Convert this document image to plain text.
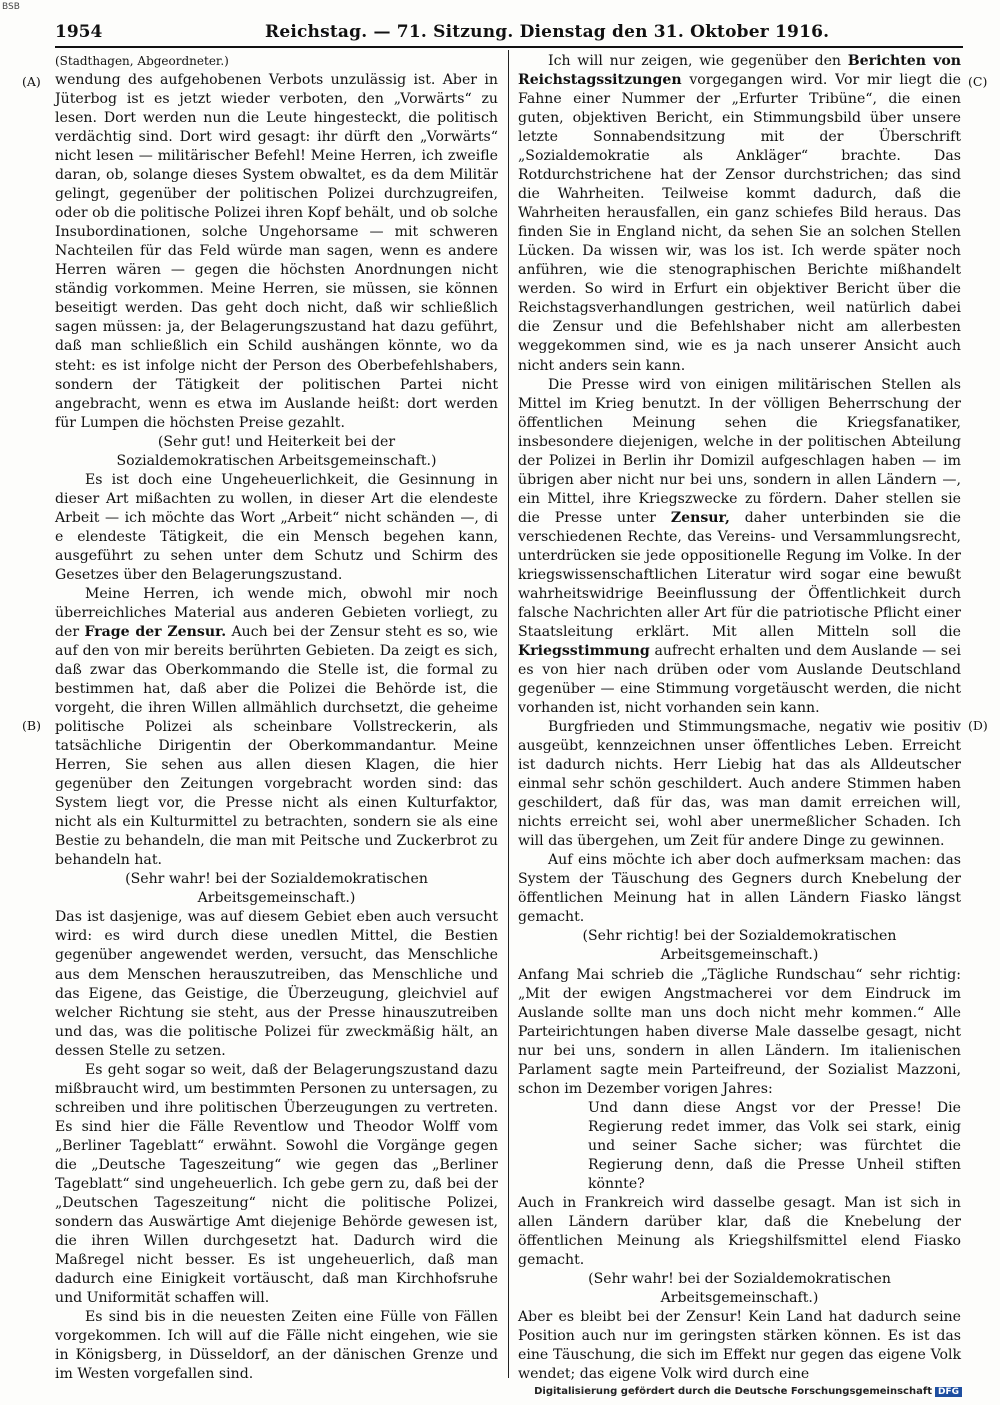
BSB
1954	Reichstag. — 71. Sitzung. Dienstag den 31. Oktober 1916.
(A)
(B)
(C)
(D)

(Stadthagen, Abgeordneter.)

wendung des aufgehobenen Verbots unzulässig ist. Aber in Jüterbog ist es jetzt wieder verboten, den „Vorwärts“ zu lesen. Dort werden nun die Leute hingesteckt, die politisch verdächtig sind. Dort wird gesagt: ihr dürft den „Vorwärts“ nicht lesen — militärischer Befehl! Meine Herren, ich zweifle daran, ob, solange dieses System obwaltet, es da dem Militär gelingt, gegenüber der politischen Polizei durchzugreifen, oder ob die politische Polizei ihren Kopf behält, und ob solche Insubordinationen, solche Ungehorsame — mit schweren Nachteilen für das Feld würde man sagen, wenn es andere Herren wären — gegen die höchsten Anordnungen nicht ständig vorkommen. Meine Herren, sie müssen, sie können beseitigt werden. Das geht doch nicht, daß wir schließlich sagen müssen: ja, der Belagerungszustand hat dazu geführt, daß man schließlich ein Schild aushängen könnte, wo da steht: es ist infolge nicht der Person des Oberbefehlshabers, sondern der Tätigkeit der politischen Partei nicht angebracht, wenn es etwa im Auslande heißt: dort werden für Lumpen die höchsten Preise gezahlt.

(Sehr gut! und Heiterkeit bei der Sozialdemokratischen Arbeitsgemeinschaft.)

Es ist doch eine Ungeheuerlichkeit, die Gesinnung in dieser Art mißachten zu wollen, in dieser Art die elendeste Arbeit — ich möchte das Wort „Arbeit“ nicht schänden —, di e elendeste Tätigkeit, die ein Mensch begehen kann, ausgeführt zu sehen unter dem Schutz und Schirm des Gesetzes über den Belagerungszustand.

Meine Herren, ich wende mich, obwohl mir noch überreichliches Material aus anderen Gebieten vorliegt, zu der Frage der Zensur. Auch bei der Zensur steht es so, wie auf den von mir bereits berührten Gebieten. Da zeigt es sich, daß zwar das Oberkommando die Stelle ist, die formal zu bestimmen hat, daß aber die Polizei die Behörde ist, die vorgeht, die ihren Willen allmählich durchsetzt, die geheime politische Polizei als scheinbare Vollstreckerin, als tatsächliche Dirigentin der Oberkommandantur. Meine Herren, Sie sehen aus allen diesen Klagen, die hier gegenüber den Zeitungen vorgebracht worden sind: das System liegt vor, die Presse nicht als einen Kulturfaktor, nicht als ein Kulturmittel zu betrachten, sondern sie als eine Bestie zu behandeln, die man mit Peitsche und Zuckerbrot zu behandeln hat.

(Sehr wahr! bei der Sozialdemokratischen Arbeitsgemeinschaft.)

Das ist dasjenige, was auf diesem Gebiet eben auch versucht wird: es wird durch diese unedlen Mittel, die Bestien gegenüber angewendet werden, versucht, das Menschliche aus dem Menschen herauszutreiben, das Menschliche und das Eigene, das Geistige, die Überzeugung, gleichviel auf welcher Richtung sie steht, aus der Presse hinauszutreiben und das, was die politische Polizei für zweckmäßig hält, an dessen Stelle zu setzen.

Es geht sogar so weit, daß der Belagerungszustand dazu mißbraucht wird, um bestimmten Personen zu untersagen, zu schreiben und ihre politischen Überzeugungen zu vertreten. Es sind hier die Fälle Reventlow und Theodor Wolff vom „Berliner Tageblatt“ erwähnt. Sowohl die Vorgänge gegen die „Deutsche Tageszeitung“ wie gegen das „Berliner Tageblatt“ sind ungeheuerlich. Ich gebe gern zu, daß bei der „Deutschen Tageszeitung“ nicht die politische Polizei, sondern das Auswärtige Amt diejenige Behörde gewesen ist, die ihren Willen durchgesetzt hat. Dadurch wird die Maßregel nicht besser. Es ist ungeheuerlich, daß man dadurch eine Einigkeit vortäuscht, daß man Kirchhofsruhe und Uniformität schaffen will.

Es sind bis in die neuesten Zeiten eine Fülle von Fällen vorgekommen. Ich will auf die Fälle nicht eingehen, wie sie in Königsberg, in Düsseldorf, an der dänischen Grenze und im Westen vorgefallen sind.

Ich will nur zeigen, wie gegenüber den Berichten von Reichstagssitzungen vorgegangen wird. Vor mir liegt die Fahne einer Nummer der „Erfurter Tribüne“, die einen guten, objektiven Bericht, ein Stimmungsbild über unsere letzte Sonnabendsitzung mit der Überschrift „Sozialdemokratie als Ankläger“ brachte. Das Rotdurchstrichene hat der Zensor durchstrichen; das sind die Wahrheiten. Teilweise kommt dadurch, daß die Wahrheiten herausfallen, ein ganz schiefes Bild heraus. Das finden Sie in England nicht, da sehen Sie an solchen Stellen Lücken. Da wissen wir, was los ist. Ich werde später noch anführen, wie die stenographischen Berichte mißhandelt werden. So wird in Erfurt ein objektiver Bericht über die Reichstagsverhandlungen gestrichen, weil natürlich dabei die Zensur und die Befehlshaber nicht am allerbesten weggekommen sind, wie es ja nach unserer Ansicht auch nicht anders sein kann.

Die Presse wird von einigen militärischen Stellen als Mittel im Krieg benutzt. In der völligen Beherrschung der öffentlichen Meinung sehen die Kriegsfanatiker, insbesondere diejenigen, welche in der politischen Abteilung der Polizei in Berlin ihr Domizil aufgeschlagen haben — im übrigen aber nicht nur bei uns, sondern in allen Ländern —, ein Mittel, ihre Kriegszwecke zu fördern. Daher stellen sie die Presse unter Zensur, daher unterbinden sie die verschiedenen Rechte, das Vereins- und Versammlungsrecht, unterdrücken sie jede oppositionelle Regung im Volke. In der kriegswissenschaftlichen Literatur wird sogar eine bewußt wahrheitswidrige Beeinflussung der Öffentlichkeit durch falsche Nachrichten aller Art für die patriotische Pflicht einer Staatsleitung erklärt. Mit allen Mitteln soll die Kriegsstimmung aufrecht erhalten und dem Auslande — sei es von hier nach drüben oder vom Auslande Deutschland gegenüber — eine Stimmung vorgetäuscht werden, die nicht vorhanden ist, nicht vorhanden sein kann.

Burgfrieden und Stimmungsmache, negativ wie positiv ausgeübt, kennzeichnen unser öffentliches Leben. Erreicht ist dadurch nichts. Herr Liebig hat das als Alldeutscher einmal sehr schön geschildert. Auch andere Stimmen haben geschildert, daß für das, was man damit erreichen will, nichts erreicht sei, wohl aber unermeßlicher Schaden. Ich will das übergehen, um Zeit für andere Dinge zu gewinnen.

Auf eins möchte ich aber doch aufmerksam machen: das System der Täuschung des Gegners durch Knebelung der öffentlichen Meinung hat in allen Ländern Fiasko längst gemacht.

(Sehr richtig! bei der Sozialdemokratischen Arbeitsgemeinschaft.)

Anfang Mai schrieb die „Tägliche Rundschau“ sehr richtig: „Mit der ewigen Angstmacherei vor dem Eindruck im Auslande sollte man uns doch nicht mehr kommen.“ Alle Parteirichtungen haben diverse Male dasselbe gesagt, nicht nur bei uns, sondern in allen Ländern. Im italienischen Parlament sagte mein Parteifreund, der Sozialist Mazzoni, schon im Dezember vorigen Jahres:

Und dann diese Angst vor der Presse! Die Regierung redet immer, das Volk sei stark, einig und seiner Sache sicher; was fürchtet die Regierung denn, daß die Presse Unheil stiften könnte?

Auch in Frankreich wird dasselbe gesagt. Man ist sich in allen Ländern darüber klar, daß die Knebelung der öffentlichen Meinung als Kriegshilfsmittel elend Fiasko gemacht.

(Sehr wahr! bei der Sozialdemokratischen Arbeitsgemeinschaft.)

Aber es bleibt bei der Zensur! Kein Land hat dadurch seine Position auch nur im geringsten stärken können. Es ist das eine Täuschung, die sich im Effekt nur gegen das eigene Volk wendet; das eigene Volk wird durch eine

Digitalisierung gefördert durch die Deutsche Forschungsgemeinschaft DFG
